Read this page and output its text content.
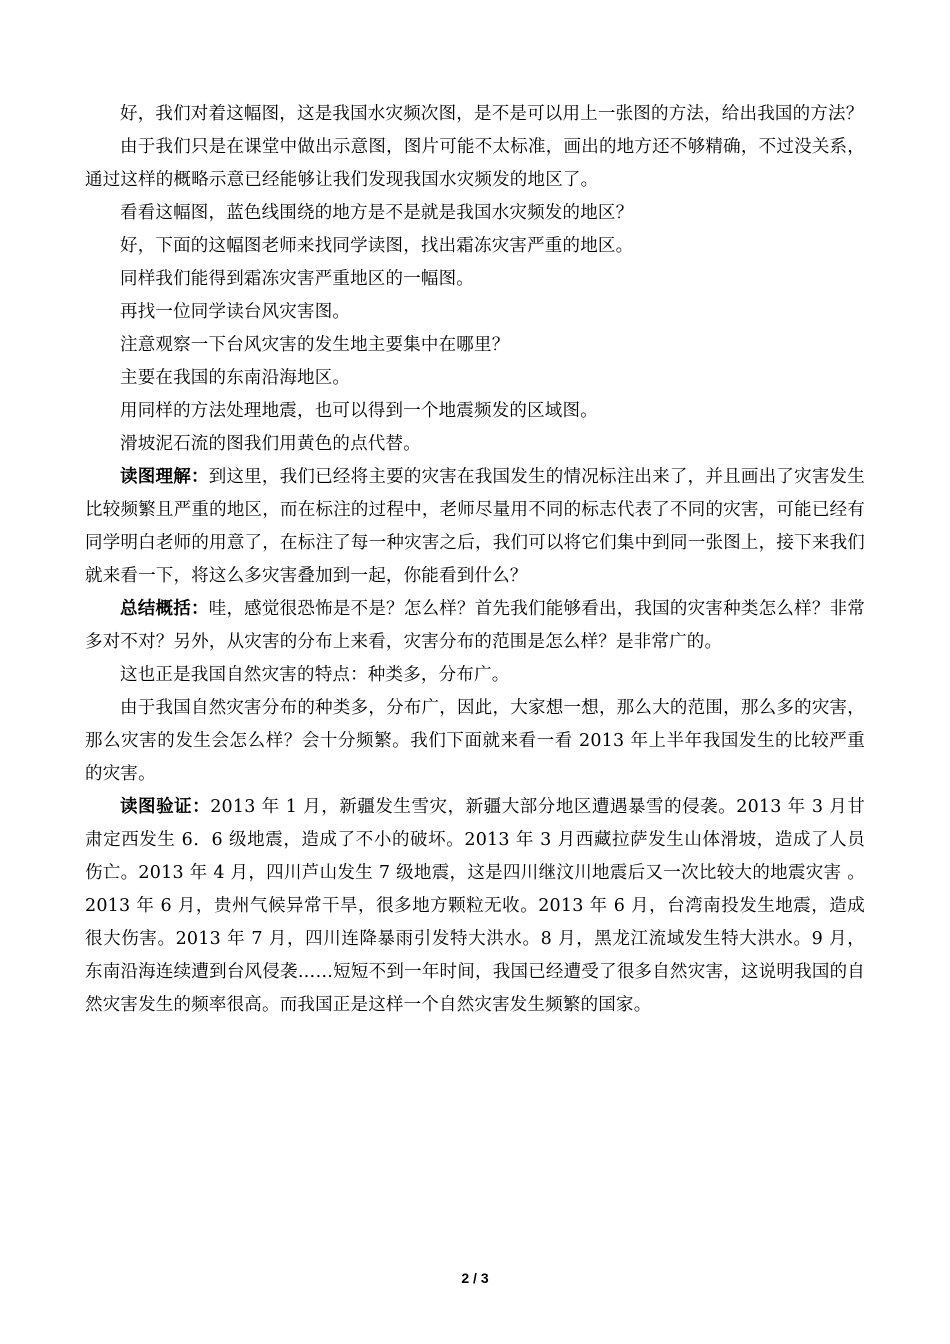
好，我们对着这幅图，这是我国水灾频次图，是不是可以用上一张图的方法，给出我国的方法？

由于我们只是在课堂中做出示意图，图片可能不太标准，画出的地方还不够精确，不过没关系，通过这样的概略示意已经能够让我们发现我国水灾频发的地区了。

看看这幅图，蓝色线围绕的地方是不是就是我国水灾频发的地区？

好，下面的这幅图老师来找同学读图，找出霜冻灾害严重的地区。

同样我们能得到霜冻灾害严重地区的一幅图。

再找一位同学读台风灾害图。

注意观察一下台风灾害的发生地主要集中在哪里？

主要在我国的东南沿海地区。

用同样的方法处理地震，也可以得到一个地震频发的区域图。

滑坡泥石流的图我们用黄色的点代替。

读图理解：到这里，我们已经将主要的灾害在我国发生的情况标注出来了，并且画出了灾害发生比较频繁且严重的地区，而在标注的过程中，老师尽量用不同的标志代表了不同的灾害，可能已经有同学明白老师的用意了，在标注了每一种灾害之后，我们可以将它们集中到同一张图上，接下来我们就来看一下，将这么多灾害叠加到一起，你能看到什么？

总结概括：哇，感觉很恐怖是不是？怎么样？首先我们能够看出，我国的灾害种类怎么样？非常多对不对？另外，从灾害的分布上来看，灾害分布的范围是怎么样？是非常广的。

这也正是我国自然灾害的特点：种类多，分布广。

由于我国自然灾害分布的种类多，分布广，因此，大家想一想，那么大的范围，那么多的灾害，那么灾害的发生会怎么样？会十分频繁。我们下面就来看一看 2013 年上半年我国发生的比较严重的灾害。

读图验证：2013 年 1 月，新疆发生雪灾，新疆大部分地区遭遇暴雪的侵袭。2013 年 3 月甘肃定西发生 6．6 级地震，造成了不小的破坏。2013 年 3 月西藏拉萨发生山体滑坡，造成了人员伤亡。2013 年 4 月，四川芦山发生 7 级地震，这是四川继汶川地震后又一次比较大的地震灾害 。2013 年 6 月，贵州气候异常干旱，很多地方颗粒无收。2013 年 6 月，台湾南投发生地震，造成很大伤害。2013 年 7 月，四川连降暴雨引发特大洪水。8 月，黑龙江流域发生特大洪水。9 月，东南沿海连续遭到台风侵袭……短短不到一年时间，我国已经遭受了很多自然灾害，这说明我国的自然灾害发生的频率很高。而我国正是这样一个自然灾害发生频繁的国家。

2 / 3
